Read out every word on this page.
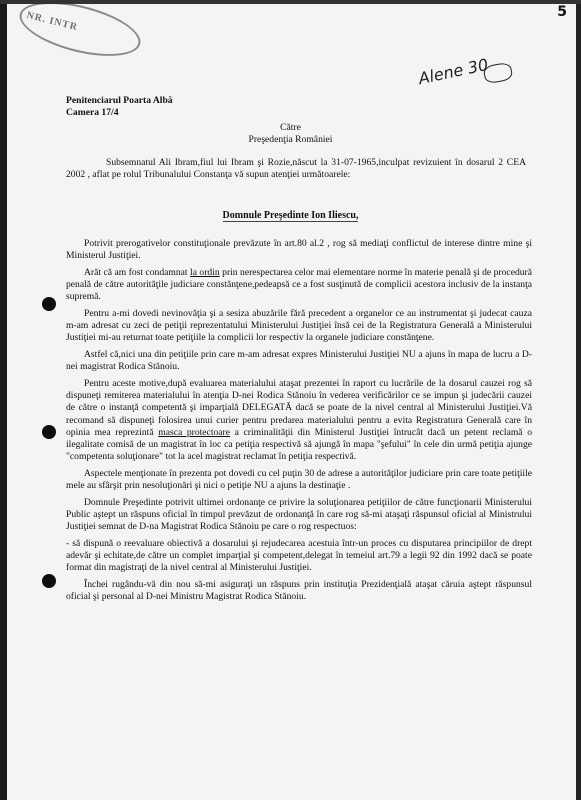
NR. INTR	5
Alene 30
Penitenciarul Poarta Albă
Camera 17/4
Către
Preşedenţia României
Subsemnatul Ali Ibram,fiul lui Ibram şi Rozie,născut la 31-07-1965,inculpat revizuient în dosarul 2 CEA 2002 , aflat pe rolul Tribunalului Constanţa vă supun atenţiei următoarele:
Domnule Preşedinte Ion Iliescu,

Potrivit prerogativelor constituţionale prevăzute în art.80 al.2 , rog să mediaţi conflictul de interese dintre mine şi Ministerul Justiţiei.

Arăt că am fost condamnat la ordin prin nerespectarea celor mai elementare norme în materie penală şi de procedură penală de către autorităţile judiciare constănţene,pedeapsă ce a fost susţinută de complicii acestora inclusiv de la instanţa supremă.

Pentru a-mi dovedi nevinovăţia şi a sesiza abuzările fără precedent a organelor ce au instrumentat şi judecat cauza m-am adresat cu zeci de petiţii reprezentatului Ministerului Justiţiei însă cei de la Registratura Generală a Ministerului Justiţiei mi-au returnat toate petiţiile la complicii lor respectiv la organele judiciare constănţene.

Astfel că,nici una din petiţiile prin care m-am adresat expres Ministerului Justiţiei NU a ajuns în mapa de lucru a D-nei magistrat Rodica Stănoiu.

Pentru aceste motive,după evaluarea materialului ataşat prezentei în raport cu lucrările de la dosarul cauzei rog să dispuneţi remiterea materialului în atenţia D-nei Rodica Stănoiu în vederea verificărilor ce se impun şi judecării cauzei de către o instanţă competentă şi imparţială DELEGATĂ dacă se poate de la nivel central al Ministerului Justiţiei.Vă recomand să dispuneţi folosirea unui curier pentru predarea materialului pentru a evita Registratura Generală care în opinia mea reprezintă masca protectoare a criminalităţii din Ministerul Justiţiei întrucât dacă un petent reclamă o ilegalitate comisă de un magistrat în loc ca petiţia respectivă să ajungă în mapa "şefului" în cele din urmă petiţia ajunge "competenta soluţionare" tot la acel magistrat reclamat în petiţia respectivă.

Aspectele menţionate în prezenta pot dovedi cu cel puţin 30 de adrese a autorităţilor judiciare prin care toate petiţiile mele au sfârşit prin nesoluţionări şi nici o petiţie NU a ajuns la destinaţie .

Domnule Preşedinte potrivit ultimei ordonanţe ce privire la soluţionarea petiţiilor de către funcţionarii Ministerului Public aştept un răspuns oficial în timpul prevăzut de ordonanţă în care rog să-mi ataşaţi răspunsul oficial al Ministrului Justiţiei semnat de D-na Magistrat Rodica Stănoiu pe care o rog respectuos:

- să dispună o reevaluare obiectivă a dosarului şi rejudecarea acestuia într-un proces cu disputarea principiilor de drept adevăr şi echitate,de către un complet imparţial şi competent,delegat în temeiul art.79 a legii 92 din 1992 dacă se poate format din magistraţi de la nivel central al Ministerului Justiţiei.

Închei rugându-vă din nou să-mi asiguraţi un răspuns prin instituţia Prezidenţială ataşat căruia aştept răspunsul oficial şi personal al D-nei Ministru Magistrat Rodica Stănoiu.
